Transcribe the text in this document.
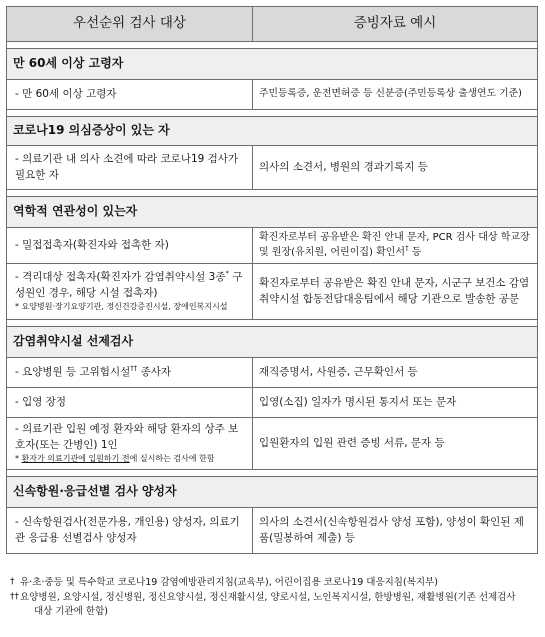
우선순위 검사 대상	증빙자료 예시

만 60세 이상 고령자	
- 만 60세 이상 고령자	주민등록증, 운전면허증 등 신분증(주민등록상 출생연도 기준)

코로나19 의심증상이 있는 자	
- 의료기관 내 의사 소견에 따라 코로나19 검사가 필요한 자	의사의 소견서, 병원의 경과기록지 등

역학적 연관성이 있는자	
- 밀접접촉자(확진자와 접촉한 자)	확진자로부터 공유받은 확진 안내 문자, PCR 검사 대상 학교장 및 원장(유치원, 어린이집) 확인서† 등
- 격리대상 접촉자(확진자가 감염취약시설 3종* 구성원인 경우, 해당 시설 접촉자)
* 요양병원·장기요양기관, 정신건강증진시설, 장애인복지시설	확진자로부터 공유받은 확진 안내 문자, 시군구 보건소 감염취약시설 합동전담대응팀에서 해당 기관으로 발송한 공문

감염취약시설 선제검사	
- 요양병원 등 고위험시설†† 종사자	재직증명서, 사원증, 근무확인서 등
- 입영 장정	입영(소집) 일자가 명시된 통지서 또는 문자
- 의료기관 입원 예정 환자와 해당 환자의 상주 보호자(또는 간병인) 1인
* 환자가 의료기관에 입원하기 전에 실시하는 검사에 한함	입원환자의 입원 관련 증빙 서류, 문자 등

신속항원·응급선별 검사 양성자	
- 신속항원검사(전문가용, 개인용) 양성자, 의료기관 응급용 선별검사 양성자	의사의 소견서(신속항원검사 양성 포함), 양성이 확인된 제품(밀봉하여 제출) 등
† 유·초·중등 및 특수학교 코로나19 감염예방관리지침(교육부), 어린이집용 코로나19 대응지침(복지부)
†† 요양병원, 요양시설, 정신병원, 정신요양시설, 정신재활시설, 양로시설, 노인복지시설, 한방병원, 재활병원(기존 선제검사
대상 기관에 한함)
